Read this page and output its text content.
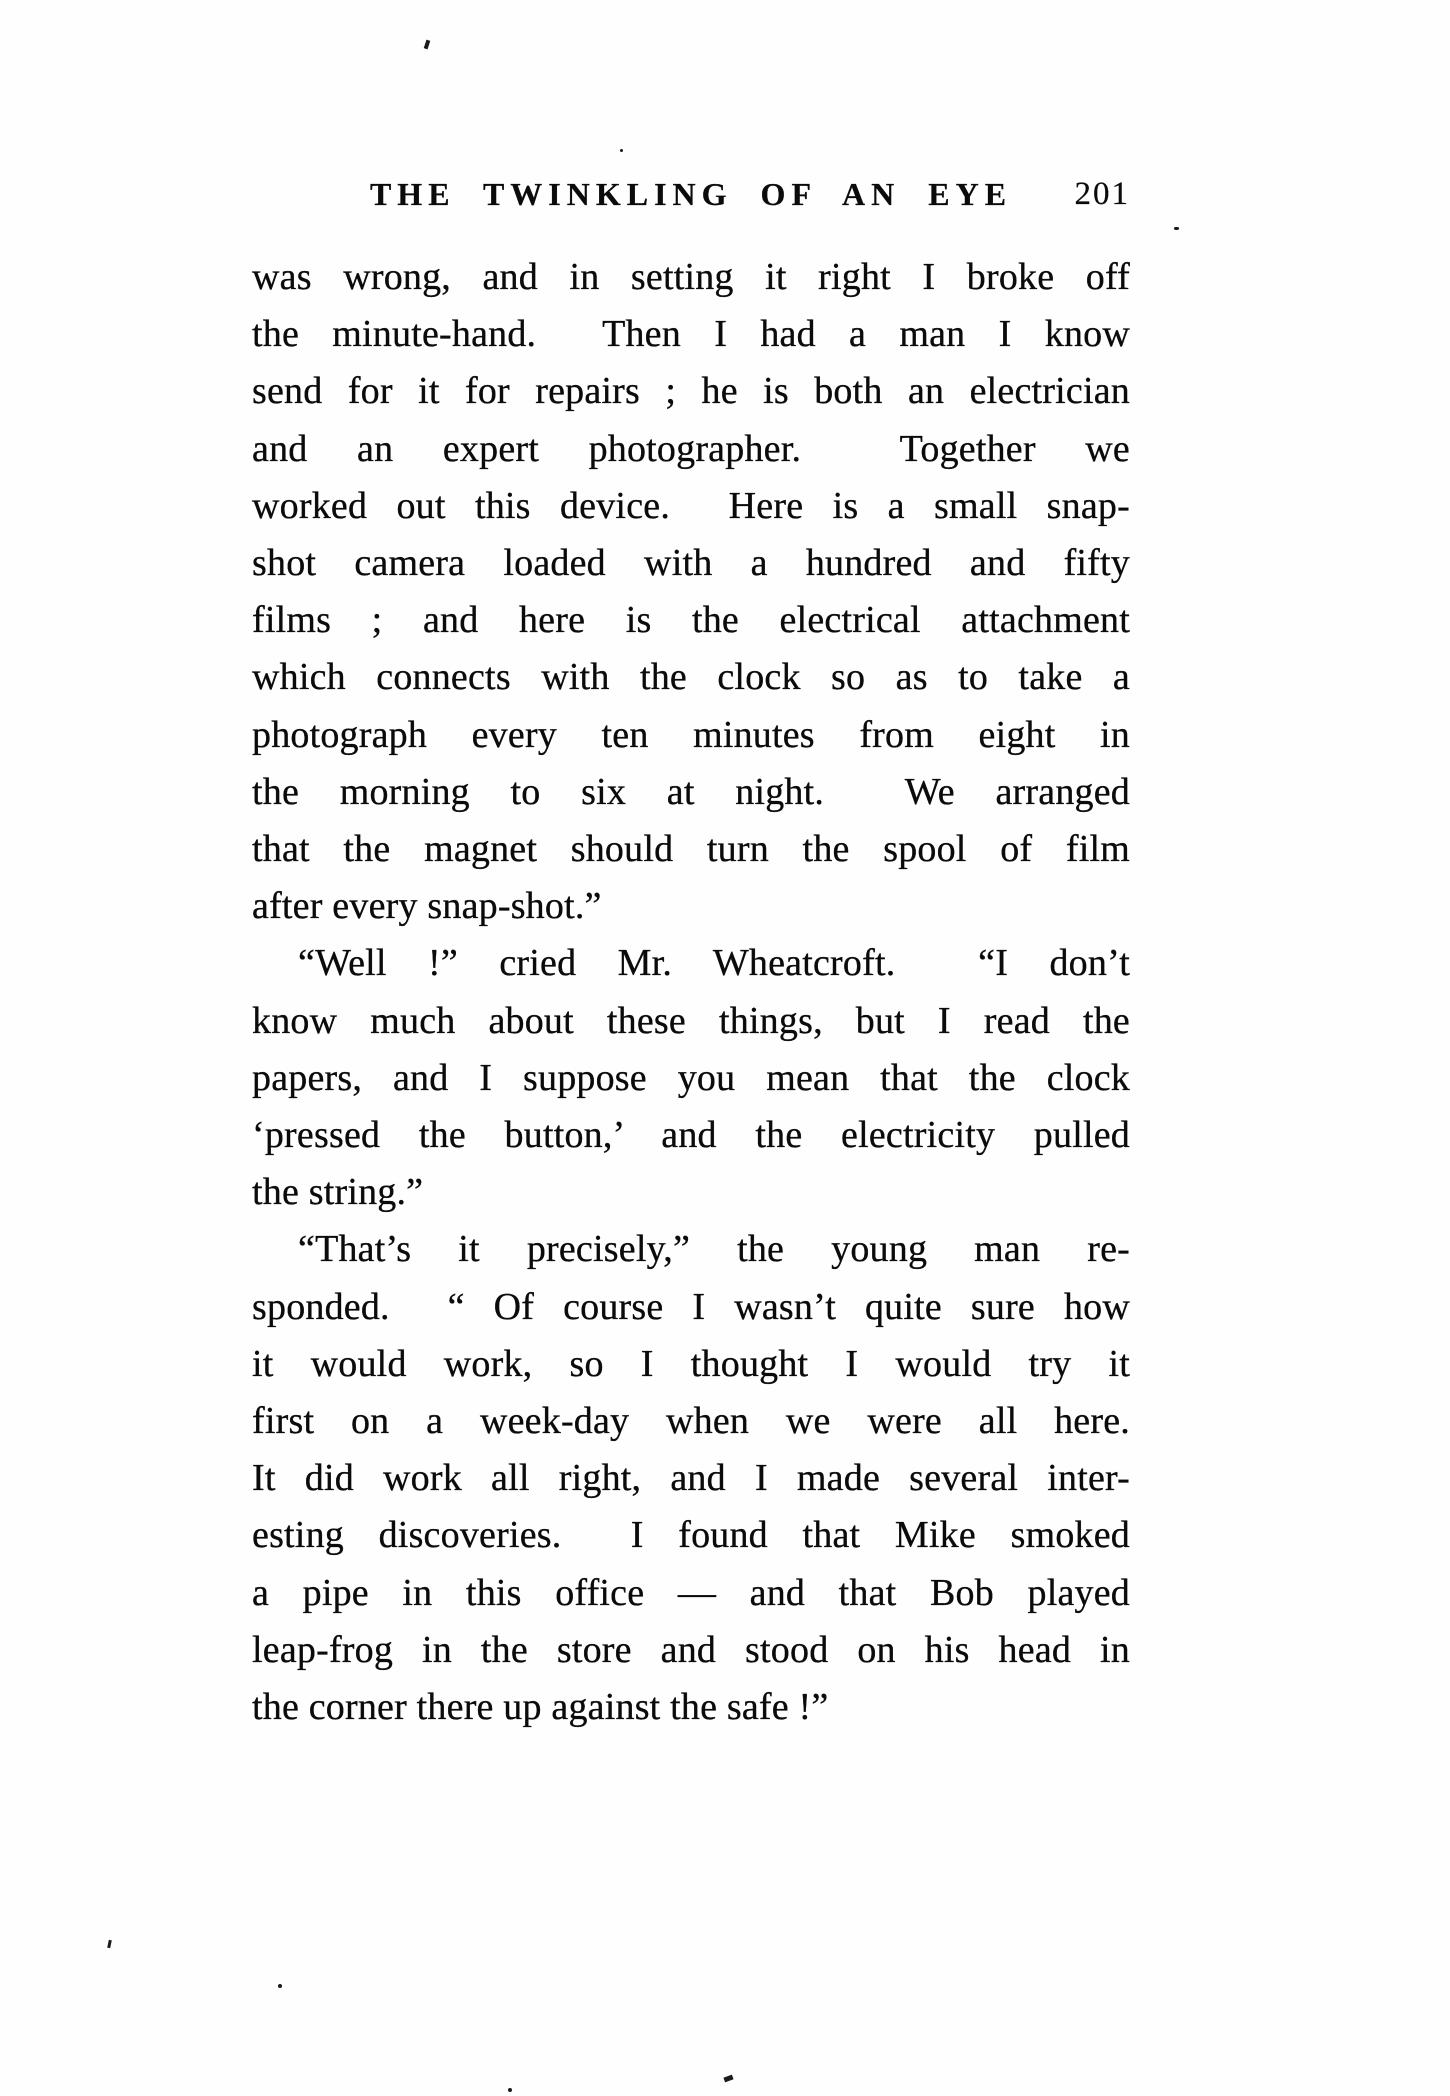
THE TWINKLING OF AN EYE	201
was wrong, and in setting it right I broke off
the minute-hand.  Then I had a man I know
send for it for repairs ; he is both an electrician
and an expert photographer.  Together we
worked out this device.  Here is a small snap-
shot camera loaded with a hundred and fifty
films ; and here is the electrical attachment
which connects with the clock so as to take a
photograph every ten minutes from eight in
the morning to six at night.  We arranged
that the magnet should turn the spool of film
after every snap-shot.”
“Well !” cried Mr. Wheatcroft.  “I don’t
know much about these things, but I read the
papers, and I suppose you mean that the clock
‘pressed the button,’ and the electricity pulled
the string.”
“That’s it precisely,” the young man re-
sponded.  “ Of course I wasn’t quite sure how
it would work, so I thought I would try it
first on a week-day when we were all here.
It did work all right, and I made several inter-
esting discoveries.  I found that Mike smoked
a pipe in this office — and that Bob played
leap-frog in the store and stood on his head in
the corner there up against the safe !”
